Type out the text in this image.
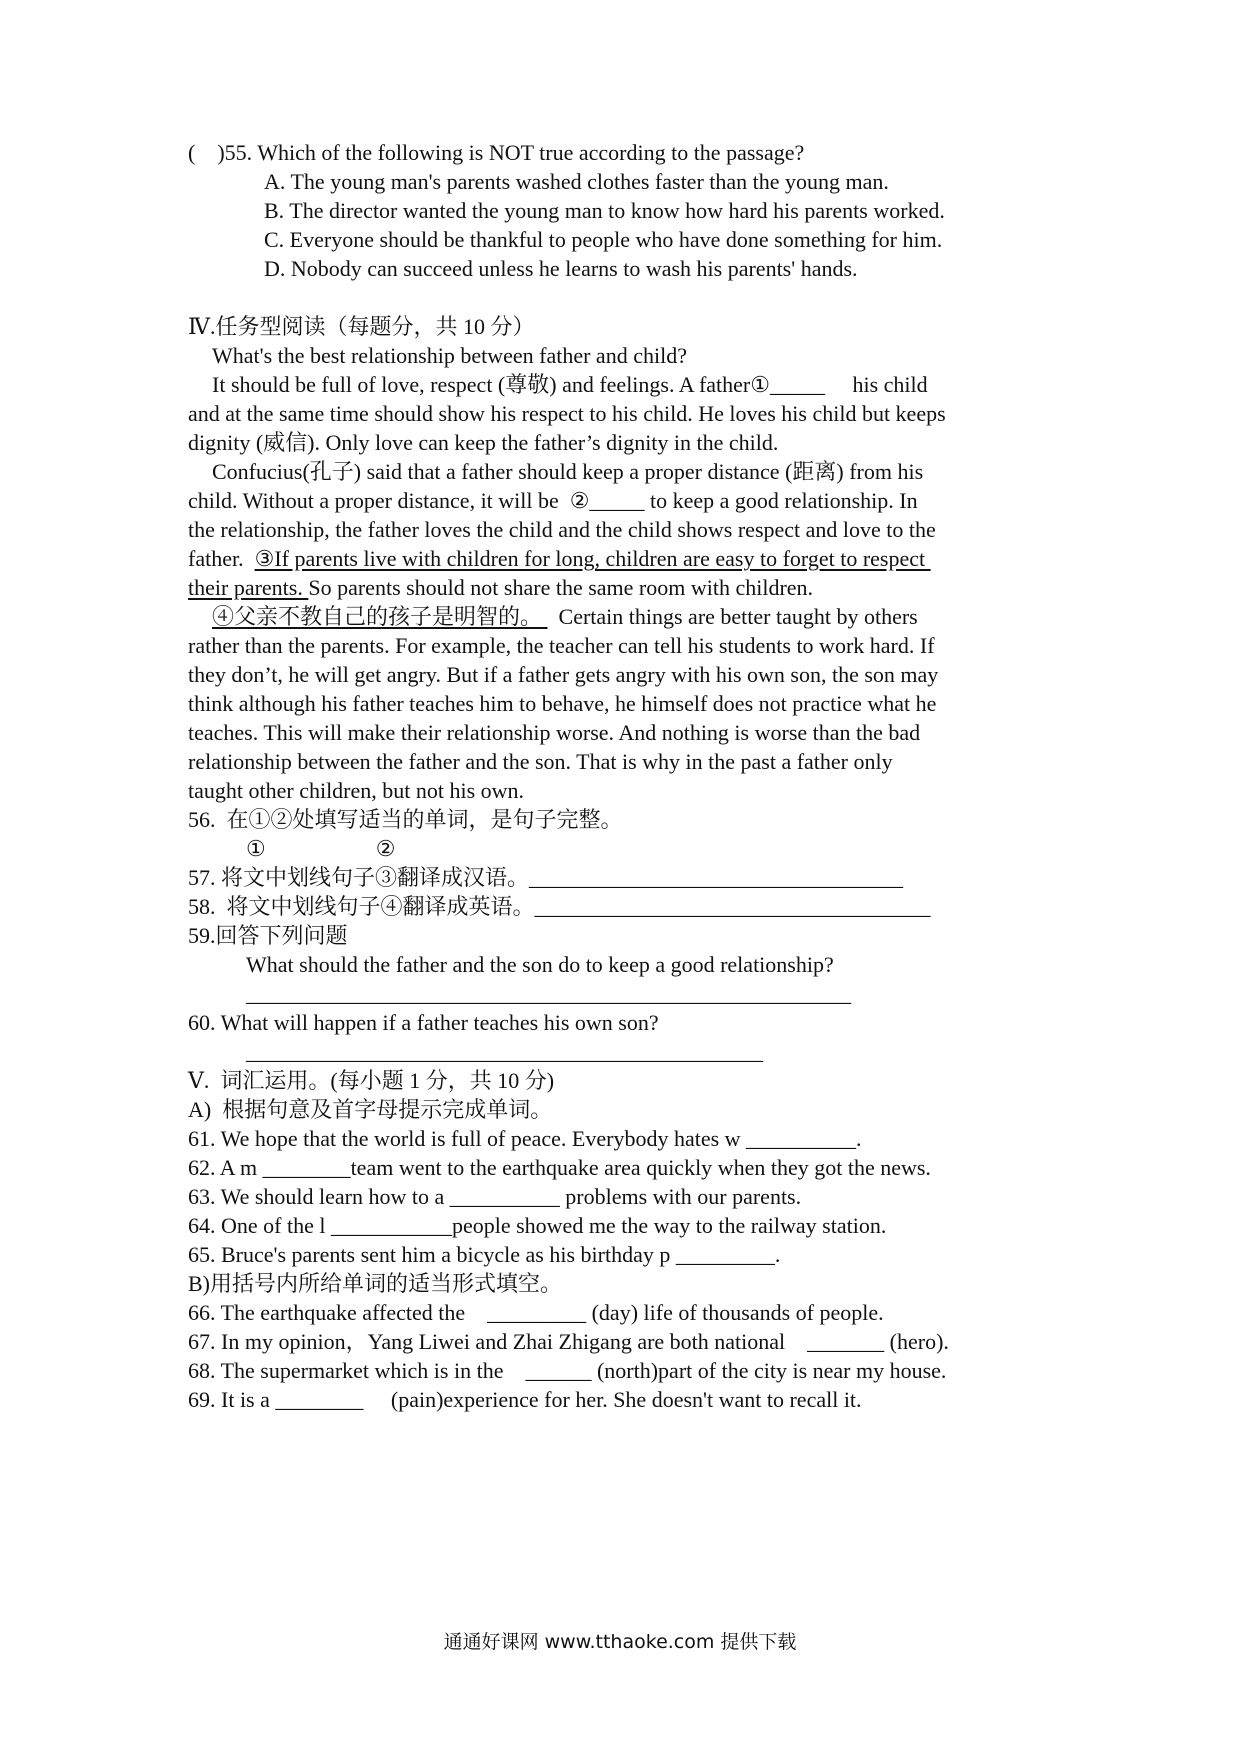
(    )55. Which of the following is NOT true according to the passage?
A. The young man's parents washed clothes faster than the young man.
B. The director wanted the young man to know how hard his parents worked.
C. Everyone should be thankful to people who have done something for him.
D. Nobody can succeed unless he learns to wash his parents' hands.
Ⅳ.任务型阅读（每题分，共 10 分）
What's the best relationship between father and child?
It should be full of love, respect (尊敬) and feelings. A father①_____     his child
and at the same time should show his respect to his child. He loves his child but keeps
dignity (威信). Only love can keep the father’s dignity in the child.
Confucius(孔子) said that a father should keep a proper distance (距离) from his
child. Without a proper distance, it will be  ②_____ to keep a good relationship. In
the relationship, the father loves the child and the child shows respect and love to the
father.  ③If parents live with children for long, children are easy to forget to respect
their parents. So parents should not share the same room with children.
④父亲不教自己的孩子是明智的。   Certain things are better taught by others
rather than the parents. For example, the teacher can tell his students to work hard. If
they don’t, he will get angry. But if a father gets angry with his own son, the son may
think although his father teaches him to behave, he himself does not practice what he
teaches. This will make their relationship worse. And nothing is worse than the bad
relationship between the father and the son. That is why in the past a father only
taught other children, but not his own.
56.  在①②处填写适当的单词，是句子完整。
①                    ②
57. 将文中划线句子③翻译成汉语。__________________________________
58.  将文中划线句子④翻译成英语。____________________________________
59.回答下列问题
What should the father and the son do to keep a good relationship?
_______________________________________________________
60. What will happen if a father teaches his own son?
_______________________________________________
Ⅴ.  词汇运用。(每小题 1 分，共 10 分)
A)  根据句意及首字母提示完成单词。
61. We hope that the world is full of peace. Everybody hates w __________.
62. A m ________team went to the earthquake area quickly when they got the news.
63. We should learn how to a __________ problems with our parents.
64. One of the l ___________people showed me the way to the railway station.
65. Bruce's parents sent him a bicycle as his birthday p _________.
B)用括号内所给单词的适当形式填空。
66. The earthquake affected the    _________ (day) life of thousands of people.
67. In my opinion，Yang Liwei and Zhai Zhigang are both national    _______ (hero).
68. The supermarket which is in the    ______ (north)part of the city is near my house.
69. It is a ________     (pain)experience for her. She doesn't want to recall it.
通通好课网 www.tthaoke.com 提供下载
